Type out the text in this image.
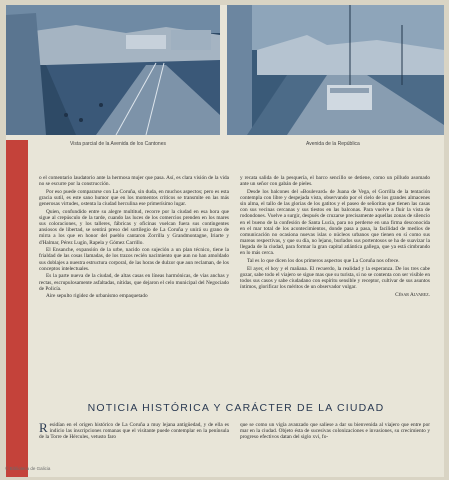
Vista parcial de la Avenida de los Cantones	Avenida de la República

o el comentario laudatorio ante la hermosa mujer que pasa. Así, es clara visión de la vida no se escurre por la construcción.

Por eso puede compararse con La Coruña, sin duda, en muchos aspectos; pero es esta gracia sutil, es este sano humor que en los momentos críticos se transmite en las más generosas virtudes, ostenta la ciudad herculina ese primerísimo lugar.

Quien, confundido entre su alegre multitud, recorre por la ciudad en esa hora que sigue al crepúsculo de la tarde, cuando las luces de los comercios prenden en los mares sus coloraciones, y los talleres, fábricas y oficinas vuelcan fuera sus contingentes ansiosos de libertad, se sentirá preso del sortilegio de La Coruña y unirá su grano de mirra a los que en honor del pueblo cantaron Zorrilla y Grandmontagne, Iriarte y d'Halmar, Pérez Lugín, Rapela y Gómez Carrillo.

El Ensanche, expansión de la urbe, nacido con sujeción a un plan técnico, tiene la frialdad de las cosas llamadas, de los trazos recién nacimiento que aun no han amoldado sus doblajes a nuestra estructura corporal, de las horas de dulzor que aun reclaman, de los conceptos intelectuales.

Es la parte nueva de la ciudad, de altas casas en líneas harmónicas, de vías anchas y rectas, escrupulosamente asfaltadas, nítidas, que dejaron el celo municipal del Negociado de Policía.

Aire sepulto rigidez de urbanismo empaquetado

y recata salida de la pesquería, el barco sencillo se detiene, como un pilludo asomado ante un señor con gabán de pieles.

Desde los balcones del «Boulevard» de Juana de Vega, el Gorrilla de la tentación contempla con libre y despejada vista, observando por el cielo de los grandes almacenes sin alma, el tallo de las glorias de los gatitos y el paseo de señoritas que tienen las casas con sus vecinas cercanas y sus tiestos en las balconas. Para vuelve a fluir la vista de rodondones. Vuelve a surgir, después de cruzarse precisamente aquellas zonas de silencio en el bueno de la confesión de Santa Lucía, para no perderse en una firma desconocida en el mar total de los acontecimientos, donde pasa a pasa, la facilidad de medios de comunicación no ocasiona nuevas islas o núcleos urbanos que tienen en sí como sus mareas respectivas, y que su día, no lejano, burlados sus portentosos se ha de suavizar la llegada de la ciudad, para formar la gran capital atlántica gallega, que ya está cimbrando en lo más cerca.

Tal es lo que dicen los dos primeros aspectos que La Coruña nos ofrece.

El ayer, el hoy y el mañana. El recuerdo, la realidad y la esperanza. De los tres cabe gozar, sabe todo el viajero se sigue mas que su turista, si no se contenta con ser visible en todos sus casos y sabe ciudadano con espíritu sensible y receptor, cultivar de sus asuntos íntimos, glorificar los méritos de un observador vulgar.

César Alvarez.
NOTICIA HISTÓRICA Y CARÁCTER DE LA CIUDAD
Residían en el origen histórico de La Coruña a muy lejana antigüedad, y de ella es indicio las inscripciones romanas que el visitante puede contemplar en la península de la Torre de Hércules, vetusto faro
que se como un vigía avanzado que saliese a dar su bienvenida al viajero que entre por mar en la ciudad. Objeto ésta de sucesivas colonizaciones e invasiones, su crecimiento y progreso efectivos datan del siglo xvi, fo-
© Biblioteca de Galicia
